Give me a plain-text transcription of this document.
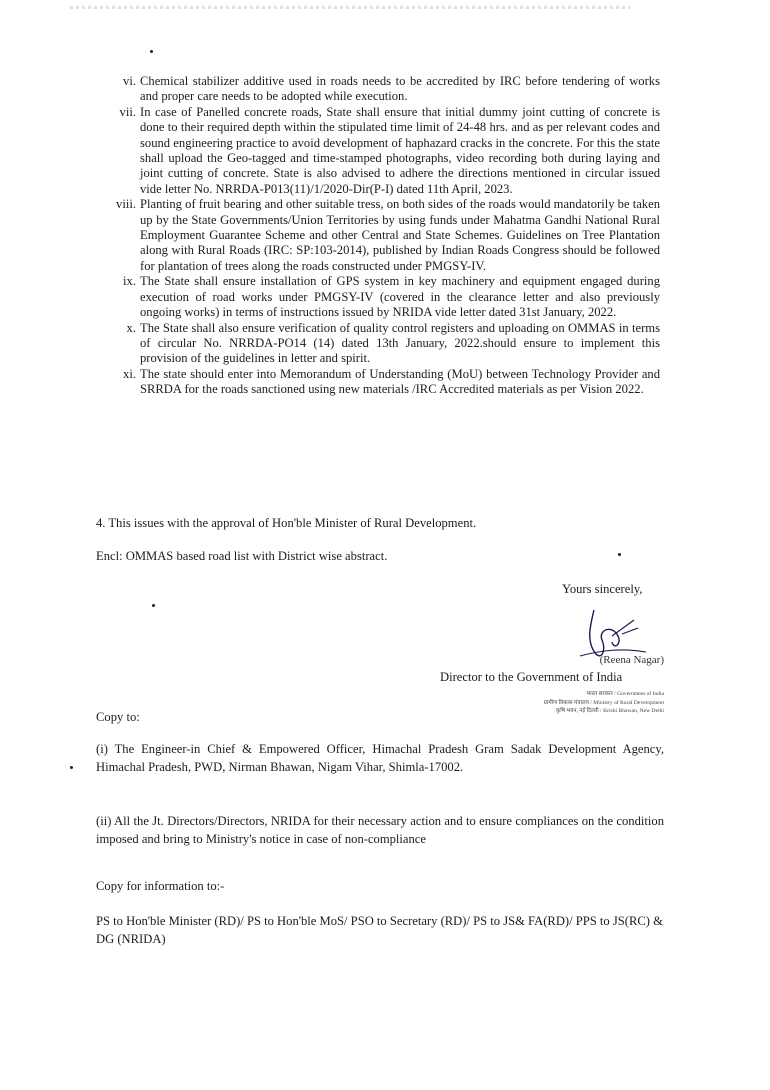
vi. Chemical stabilizer additive used in roads needs to be accredited by IRC before tendering of works and proper care needs to be adopted while execution.
vii. In case of Panelled concrete roads, State shall ensure that initial dummy joint cutting of concrete is done to their required depth within the stipulated time limit of 24-48 hrs. and as per relevant codes and sound engineering practice to avoid development of haphazard cracks in the concrete. For this the state shall upload the Geo-tagged and time-stamped photographs, video recording both during laying and joint cutting of concrete. State is also advised to adhere the directions mentioned in circular issued vide letter No. NRRDA-P013(11)/1/2020-Dir(P-I) dated 11th April, 2023.
viii. Planting of fruit bearing and other suitable tress, on both sides of the roads would mandatorily be taken up by the State Governments/Union Territories by using funds under Mahatma Gandhi National Rural Employment Guarantee Scheme and other Central and State Schemes. Guidelines on Tree Plantation along with Rural Roads (IRC: SP:103-2014), published by Indian Roads Congress should be followed for plantation of trees along the roads constructed under PMGSY-IV.
ix. The State shall ensure installation of GPS system in key machinery and equipment engaged during execution of road works under PMGSY-IV (covered in the clearance letter and also previously ongoing works) in terms of instructions issued by NRIDA vide letter dated 31st January, 2022.
x. The State shall also ensure verification of quality control registers and uploading on OMMAS in terms of circular No. NRRDA-PO14 (14) dated 13th January, 2022.should ensure to implement this provision of the guidelines in letter and spirit.
xi. The state should enter into Memorandum of Understanding (MoU) between Technology Provider and SRRDA for the roads sanctioned using new materials /IRC Accredited materials as per Vision 2022.
4. This issues with the approval of Hon'ble Minister of Rural Development.
Encl: OMMAS based road list with District wise abstract.
Yours sincerely,
(Reena Nagar)
Director to the Government of India
भारत सरकार / Government of India
ग्रामीण विकास मंत्रालय / Ministry of Rural Development
कृषि भवन, नई दिल्ली / Krishi Bhawan, New Delhi
Copy to:
(i) The Engineer-in Chief & Empowered Officer, Himachal Pradesh Gram Sadak Development Agency, Himachal Pradesh, PWD, Nirman Bhawan, Nigam Vihar, Shimla-17002.
(ii) All the Jt. Directors/Directors, NRIDA for their necessary action and to ensure compliances on the condition imposed and bring to Ministry's notice in case of non-compliance
Copy for information to:-
PS to Hon'ble Minister (RD)/ PS to Hon'ble MoS/ PSO to Secretary (RD)/ PS to JS& FA(RD)/ PPS to JS(RC) & DG (NRIDA)
